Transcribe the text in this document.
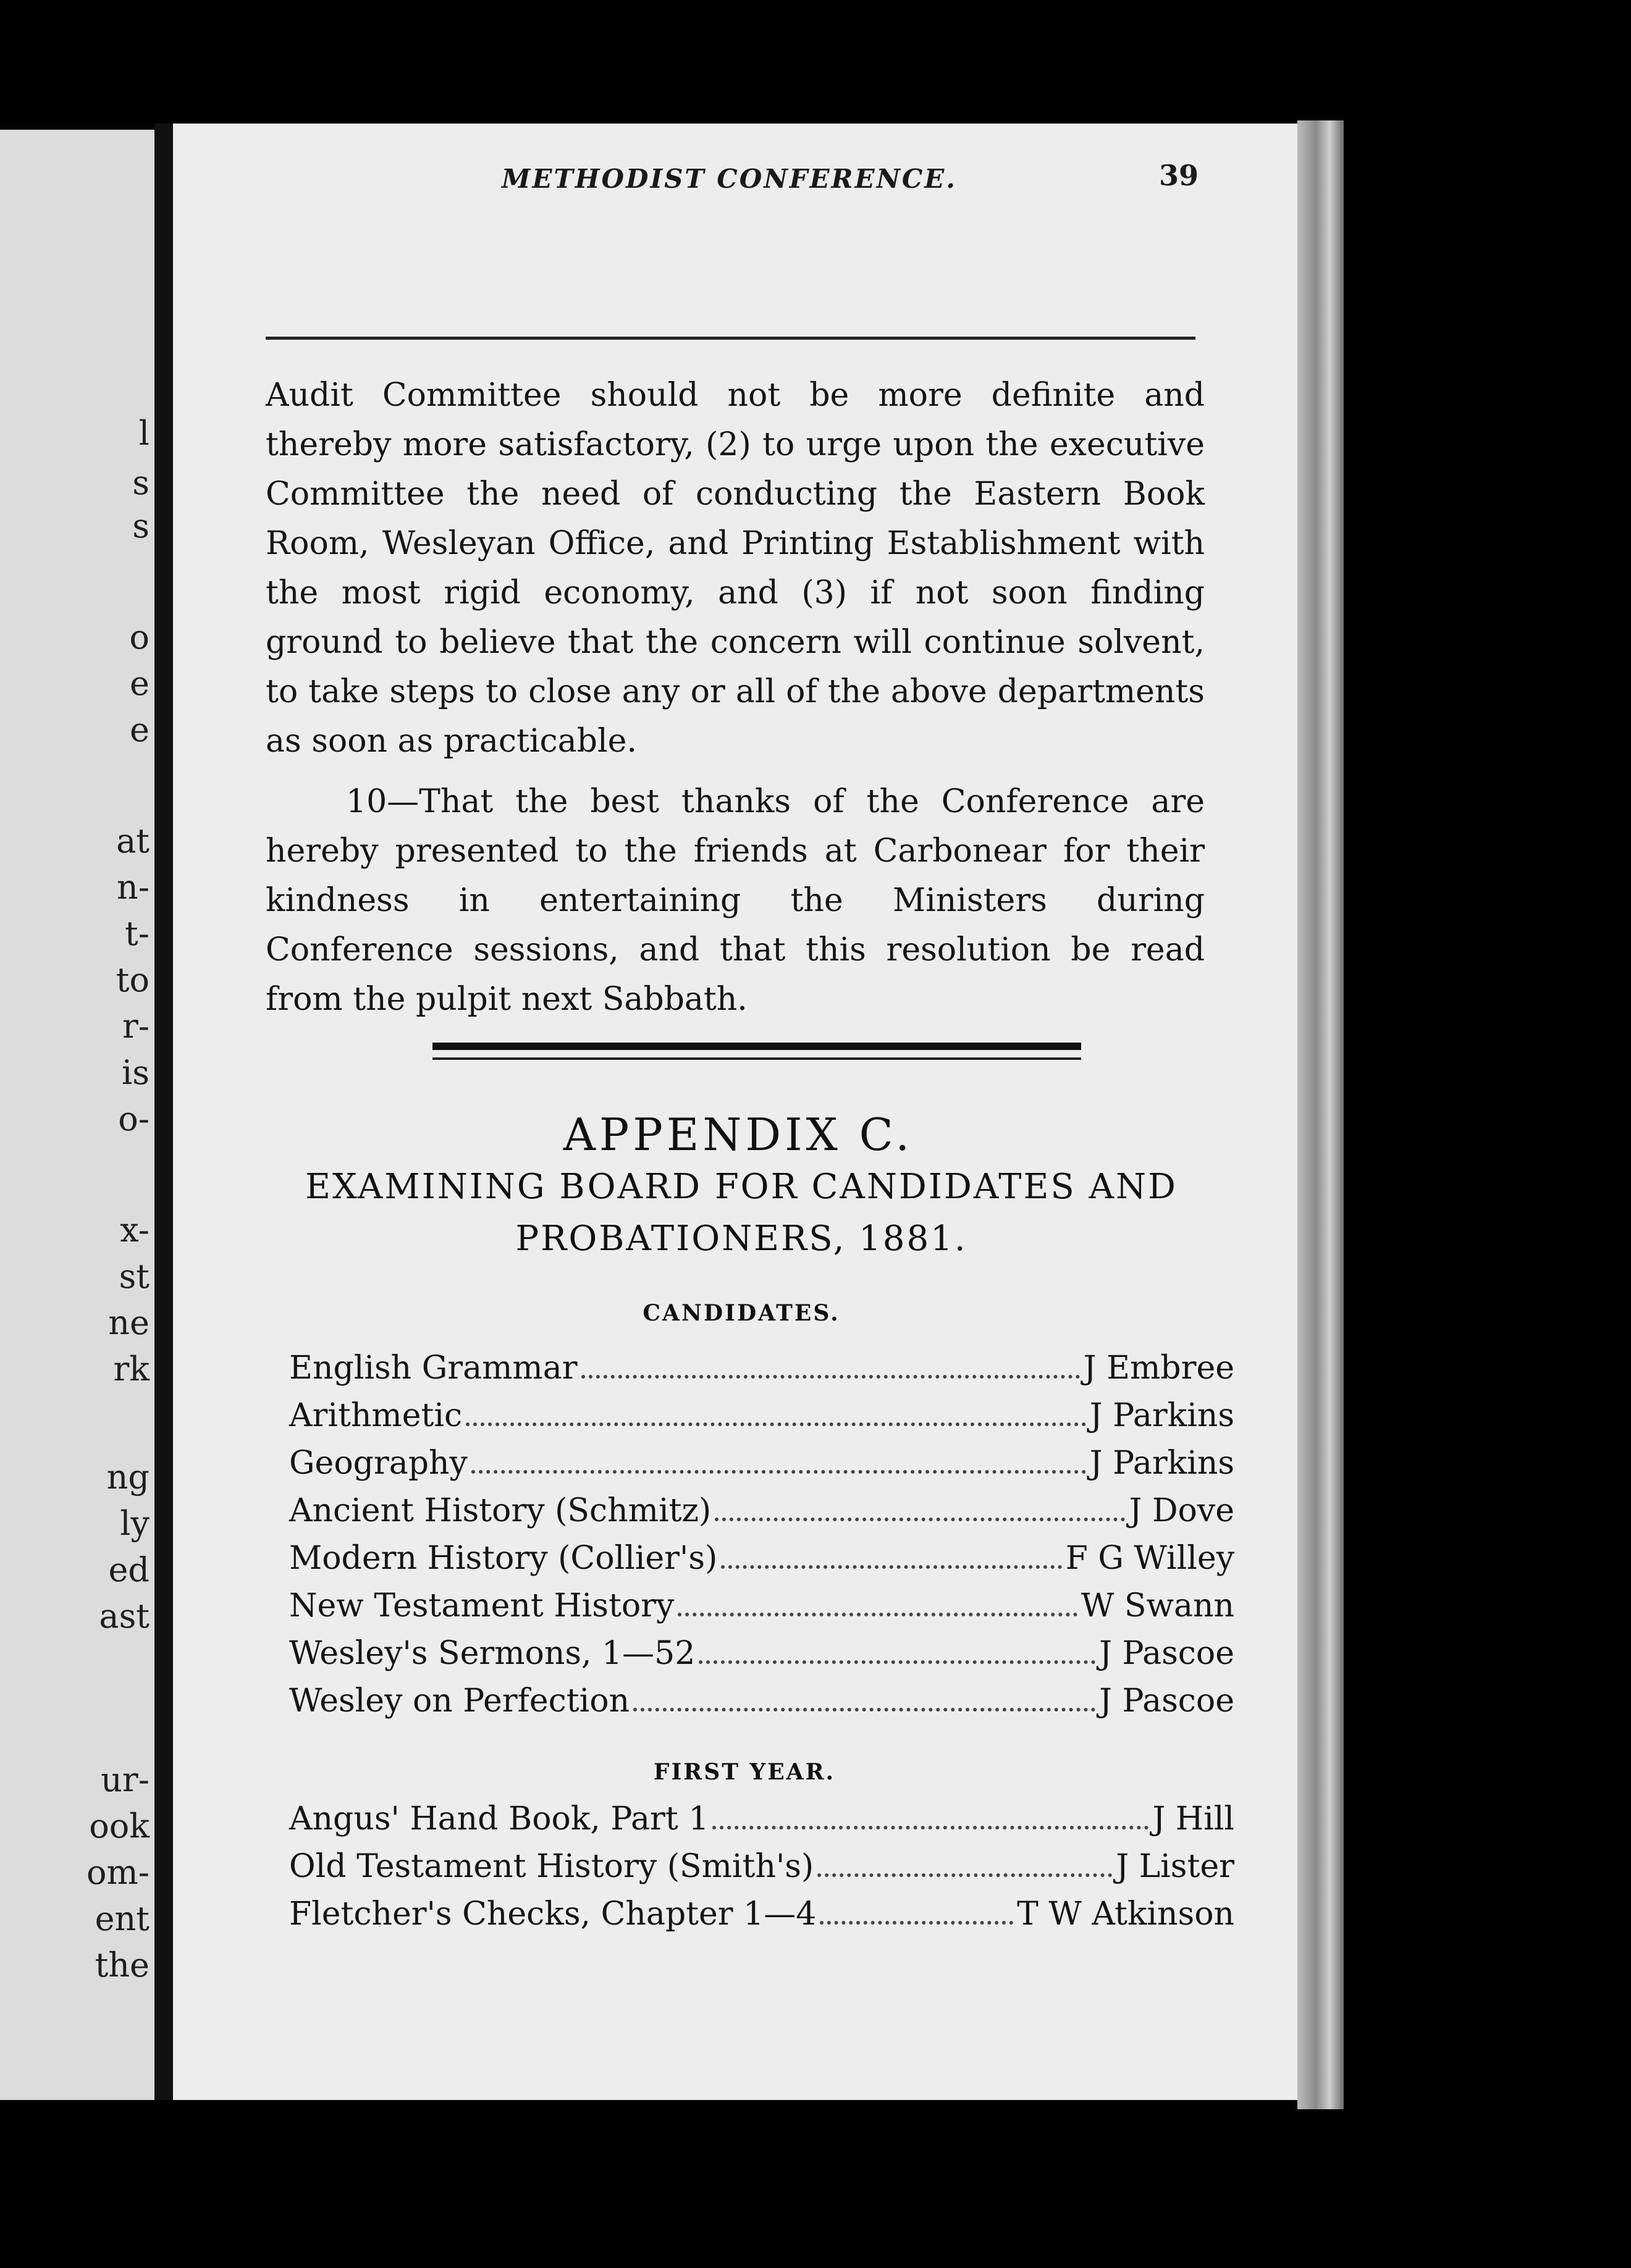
l
s
s
o
e
e
at
n-
t-
to
r-
is
o-
x-
st
ne
rk
ng
ly
ed
ast
ur-
ook
om-
ent
the
METHODIST CONFERENCE.	39

Audit Committee should not be more definite and thereby more satisfactory, (2) to urge upon the executive Committee the need of conducting the Eastern Book Room, Wesleyan Office, and Printing Establishment with the most rigid economy, and (3) if not soon finding ground to believe that the concern will continue solvent, to take steps to close any or all of the above departments as soon as practicable.

10—That the best thanks of the Conference are hereby presented to the friends at Carbonear for their kindness in entertaining the Ministers during Conference sessions, and that this resolution be read from the pulpit next Sabbath.

APPENDIX C.
EXAMINING BOARD FOR CANDIDATES AND
PROBATIONERS, 1881.
CANDIDATES.
English Grammar	J Embree
Arithmetic	J Parkins
Geography	J Parkins
Ancient History (Schmitz)	J Dove
Modern History (Collier's)	F G Willey
New Testament History	W Swann
Wesley's Sermons, 1—52	J Pascoe
Wesley on Perfection	J Pascoe
FIRST YEAR.
Angus' Hand Book, Part 1	J Hill
Old Testament History (Smith's)	J Lister
Fletcher's Checks, Chapter 1—4	T W Atkinson
